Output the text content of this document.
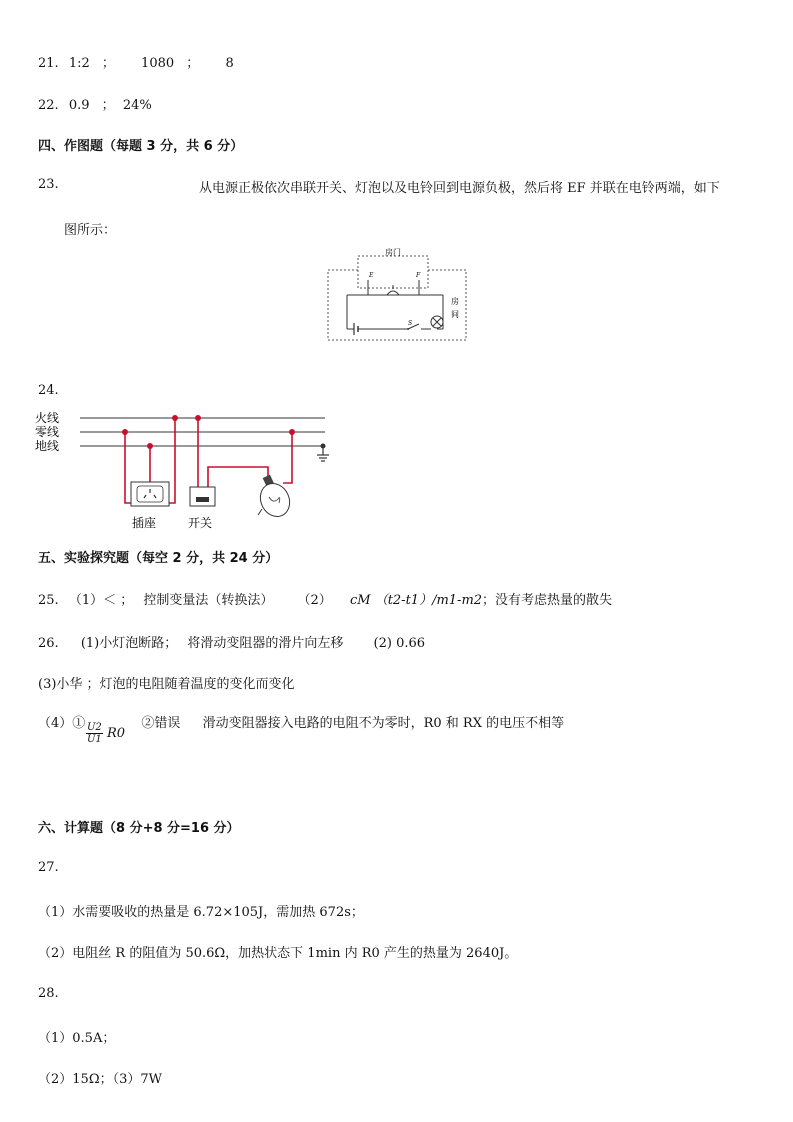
21. 1:2 ； 1080 ； 8
22. 0.9 ； 24%
四、作图题（每题 3 分，共 6 分）
23.	从电源正极依次串联开关、灯泡以及电铃回到电源负极，然后将 EF 并联在电铃两端，如下
图所示：
房门
E	F
S
房
间
24.
火线
零线
地线
插座	开关
五、实验探究题（每空 2 分，共 24 分）
25. （1）＜ ； 控制变量法（转换法） （2） cM （t2-t1）/m1-m2；没有考虑热量的散失
26. (1)小灯泡断路； 将滑动变阻器的滑片向左移 (2) 0.66
(3)小华 ；灯泡的电阻随着温度的变化而变化
（4）①	②错误 滑动变阻器接入电路的电阻不为零时，R0 和 RX 的电压不相等
$\frac{U2}{U1} R0$
六、计算题（8 分+8 分=16 分）
27.
（1）水需要吸收的热量是 6.72×105J，需加热 672s；
（2）电阻丝 R 的阻值为 50.6Ω，加热状态下 1min 内 R0 产生的热量为 2640J。
28.
（1）0.5A；
（2）15Ω；（3）7W
